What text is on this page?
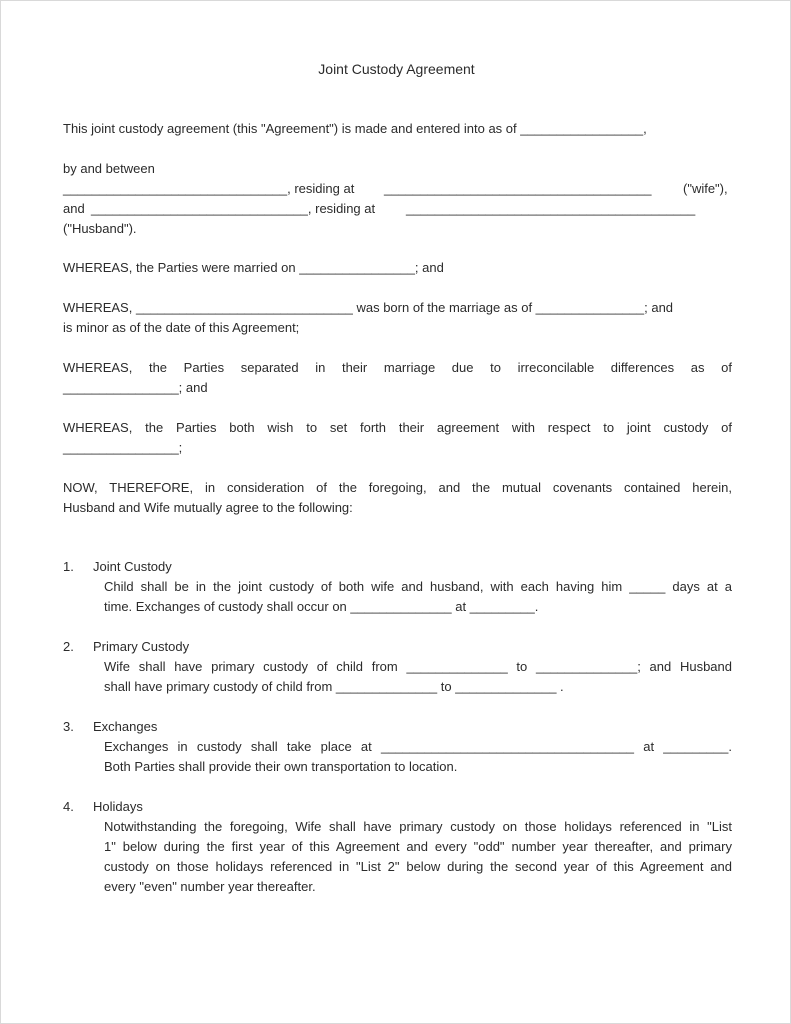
Joint Custody Agreement
This joint custody agreement (this "Agreement") is made and entered into as of _________________,
by and between
_______________________________, residing at _____________________________________ ("wife"),
and ______________________________, residing at ________________________________________
("Husband").
WHEREAS, the Parties were married on ________________; and
WHEREAS, ______________________________ was born of the marriage as of _______________; and
is minor as of the date of this Agreement;
WHEREAS, the Parties separated in their marriage due to irreconcilable differences as of
________________; and
WHEREAS, the Parties both wish to set forth their agreement with respect to joint custody of
________________;
NOW, THEREFORE, in consideration of the foregoing, and the mutual covenants contained herein,
Husband and Wife mutually agree to the following:
1. Joint Custody
Child shall be in the joint custody of both wife and husband, with each having him _____ days at a
time. Exchanges of custody shall occur on ______________ at _________.
2. Primary Custody
Wife shall have primary custody of child from ______________ to ______________; and Husband
shall have primary custody of child from ______________ to ______________ .
3. Exchanges
Exchanges in custody shall take place at ___________________________________ at _________.
Both Parties shall provide their own transportation to location.
4. Holidays
Notwithstanding the foregoing, Wife shall have primary custody on those holidays referenced in "List
1" below during the first year of this Agreement and every "odd" number year thereafter, and primary
custody on those holidays referenced in "List 2" below during the second year of this Agreement and
every "even" number year thereafter.
